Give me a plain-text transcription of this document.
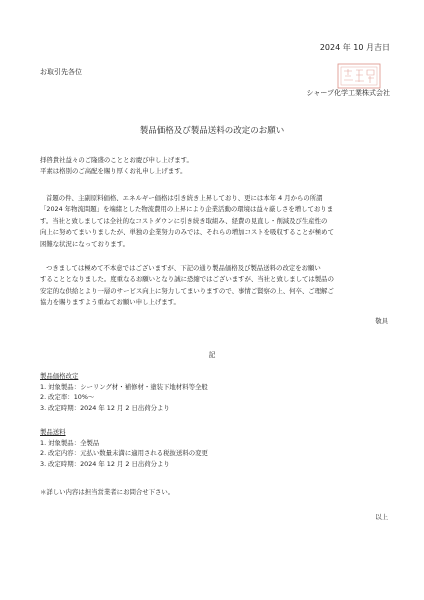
2024 年 10 月吉日
お取引先各位
シャープ化学工業株式会社
製品価格及び製品送料の改定のお願い
拝啓貴社益々のご隆盛のこととお慶び申し上げます。
平素は格別のご高配を賜り厚くお礼申し上げます。
首題の件、主副原料価格、エネルギー価格は引き続き上昇しており、更には本年 4 月からの所謂
「2024 年物流問題」を端緒とした物流費用の上昇により企業活動の環境は益々厳しさを増しておりま
す。当社と致しましては全社的なコストダウンに引き続き取組み、経費の見直し・削減及び生産性の
向上に努めてまいりましたが、単独の企業努力のみでは、それらの増加コストを吸収することが極めて
困難な状況になっております。
つきましては極めて不本意ではございますが、下記の通り製品価格及び製品送料の改定をお願い
することとなりました。度重なるお願いとなり誠に恐縮ではございますが、当社と致しましては製品の
安定的な供給とより一層のサービス向上に努力してまいりますので、事情ご賢察の上、何卒、ご理解ご
協力を賜りますよう重ねてお願い申し上げます。
敬具
記
製品価格改定
1. 対象製品：シーリング材・補修材・塗装下地材料等全般
2. 改定率：10%～
3. 改定時期：2024 年 12 月 2 日出荷分より
製品送料
1. 対象製品：全製品
2. 改定内容：元払い数量未満に適用される税抜送料の変更
3. 改定時期：2024 年 12 月 2 日出荷分より
＊詳しい内容は担当営業者にお問合せ下さい。
以上
